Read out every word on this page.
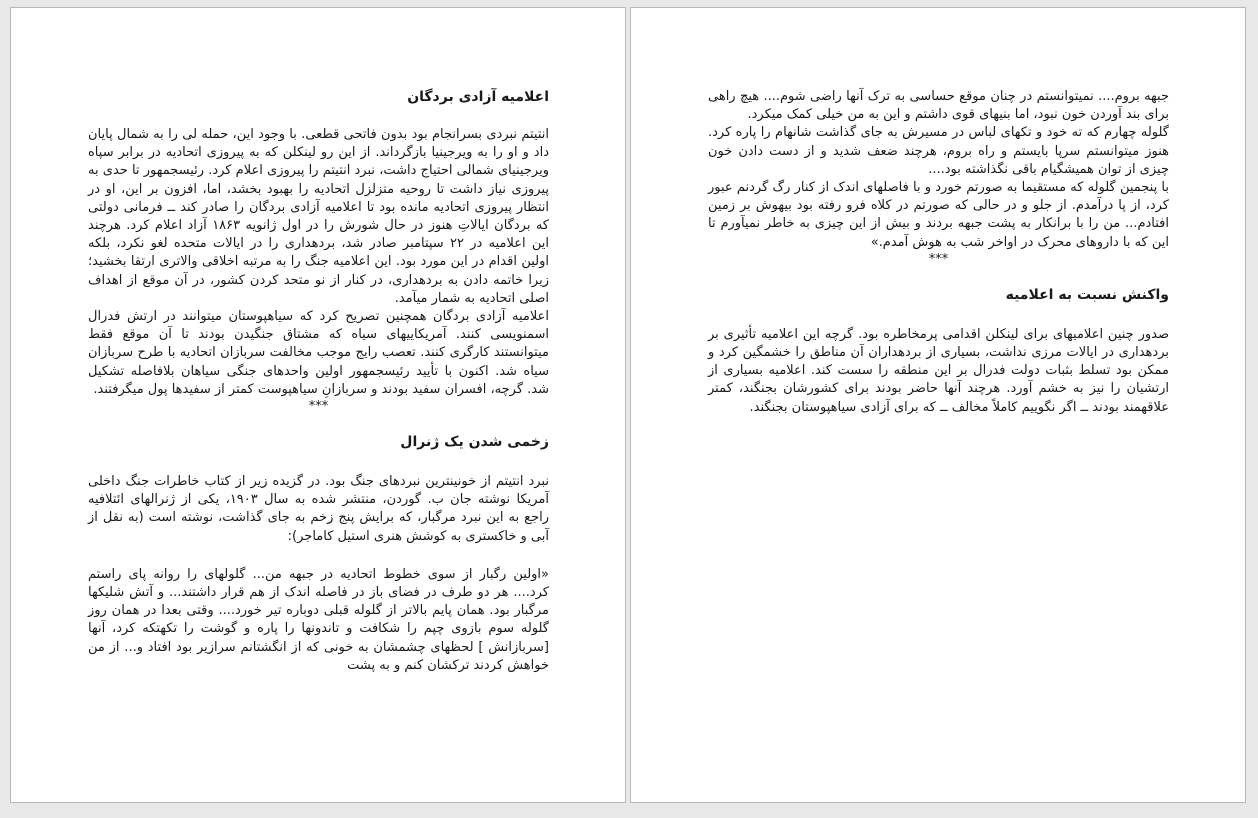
اعلامیه آزادی بردگان

انتیتم نبردی بسرانجام بود بدون فاتحی قطعی. با وجود این، حمله لی را به شمال پایان داد و او را به ویرجینیا بازگرداند. از این رو لینکلن که به پیروزی اتحادیه در برابر سپاه ویرجینیای شمالی احتیاج داشت، نبرد انتیتم را پیروزی اعلام کرد. رئیسجمهور تا حدی به پیروزی نیاز داشت تا روحیه متزلزل اتحادیه را بهبود بخشد، اما، افزون بر این، او در انتظار پیروزی اتحادیه مانده بود تا اعلامیه آزادی بردگان را صادر کند ــ فرمانی دولتی که بردگان ایالاتِ هنوز در حال شورش را در اول ژانویه ۱۸۶۳ آزاد اعلام کرد. هرچند این اعلامیه در ۲۲ سپتامبر صادر شد، بردهداری را در ایالات متحده لغو نکرد، بلکه اولین اقدام در این مورد بود. این اعلامیه جنگ را به مرتبه اخلاقی والاتری ارتقا بخشید؛ زیرا خاتمه دادن به بردهداری، در کنار از نو متحد کردن کشور، در آن موقع از اهداف اصلی اتحادیه به شمار میآمد.

اعلامیه آزادی بردگان همچنین تصریح کرد که سیاهپوستان میتوانند در ارتش فدرال اسمنویسی کنند. آمریکاییهای سیاه که مشتاق جنگیدن بودند تا آن موقع فقط میتوانستند کارگری کنند. تعصب رایج موجب مخالفت سربازان اتحادیه با طرح سربازان سیاه شد. اکنون با تأیید رئیسجمهور اولین واحدهای جنگی سیاهان بلافاصله تشکیل شد. گرچه، افسران سفید بودند و سربازانِ سیاهپوست کمتر از سفیدها پول میگرفتند.

***

زخمی شدن یک ژنرال

نبرد انتیتم از خونینترین نبردهای جنگ بود. در گزیده زیر از کتاب خاطرات جنگ داخلی آمریکا نوشته جان ب. گوردن، منتشر شده به سال ۱۹۰۳، یکی از ژنرالهای ائتلافیه راجع به این نبرد مرگبار، که برایش پنج زخم به جای گذاشت، نوشته است (به نقل از آبی و خاکستری به کوشش هنری استیل کاماجر):

«اولین رگبار از سوی خطوط اتحادیه در جبهه من... گلولهای را روانه پای راستم کرد.... هر دو طرف در فضای باز در فاصله اندک از هم قرار داشتند... و آتش شلیکها مرگبار بود. همان پایم بالاتر از گلوله قبلی دوباره تیر خورد.... وقتی بعدا در همان روز گلوله سوم بازوی چپم را شکافت و تاندونها را پاره و گوشت را تکهتکه کرد، آنها [سربازانش ] لحظهای چشمشان به خونی که از انگشتانم سرازیر بود افتاد و... از من خواهش کردند ترکشان کنم و به پشت

جبهه بروم.... نمیتوانستم در چنان موقع حساسی به ترک آنها راضی شوم.... هیچ راهی برای بند آوردن خون نبود، اما بنیهای قوی داشتم و این به من خیلی کمک میکرد.

گلوله چهارم که ته خود و تکهای لباس در مسیرش به جای گذاشت شانهام را پاره کرد. هنوز میتوانستم سرپا بایستم و راه بروم، هرچند ضعف شدید و از دست دادن خون چیزی از توان همیشگیام باقی نگذاشته بود....

با پنجمین گلوله که مستقیما به صورتم خورد و با فاصلهای اندک از کنار رگ گردنم عبور کرد، از پا درآمدم. از جلو و در حالی که صورتم در کلاه فرو رفته بود بیهوش بر زمین افتادم... من را با برانکار به پشت جبهه بردند و بیش از این چیزی به خاطر نمیآورم تا این که با داروهای محرک در اواخر شب به هوش آمدم.»

***

واکنش نسبت به اعلامیه

صدور چنین اعلامیهای برای لینکلن اقدامی پرمخاطره بود. گرچه این اعلامیه تأثیری بر بردهداری در ایالات مرزی نداشت، بسیاری از بردهداران آن مناطق را خشمگین کرد و ممکن بود تسلط بثبات دولت فدرال بر این منطقه را سست کند. اعلامیه بسیاری از ارتشیان را نیز به خشم آورد. هرچند آنها حاضر بودند برای کشورشان بجنگند، کمتر علاقهمند بودند ــ اگر نگوییم کاملاً مخالف ــ که برای آزادی سیاهپوستان بجنگند.
